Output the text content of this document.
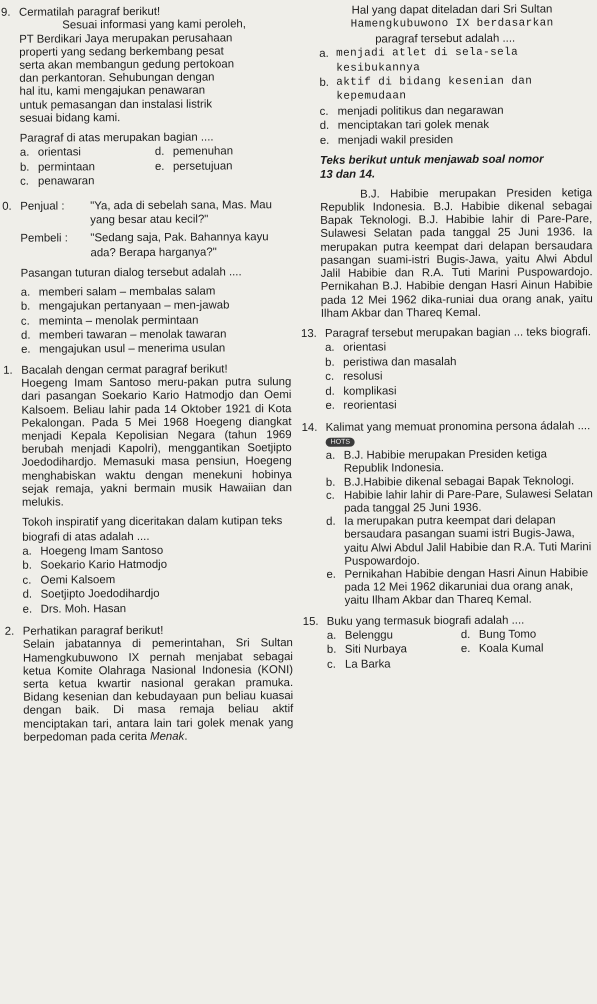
9. Cermatilah paragraf berikut!

Sesuai informasi yang kami peroleh,

PT Berdikari Jaya merupakan perusahaan

properti yang sedang berkembang pesat

serta akan membangun gedung pertokoan

dan perkantoran. Sehubungan dengan

hal itu, kami mengajukan penawaran

untuk pemasangan dan instalasi listrik

sesuai bidang kami.

Paragraf di atas merupakan bagian ....

a. orientasi	d. pemenuhan
b. permintaan	e. persetujuan
c. penawaran
0. Penjual :	"Ya, ada di sebelah sana, Mas. Mau yang besar atau kecil?"
Pembeli :	"Sedang saja, Pak. Bahannya kayu ada? Berapa harganya?"

Pasangan tuturan dialog tersebut adalah ....

a. memberi salam – membalas salam
b. mengajukan pertanyaan – men-jawab
c. meminta – menolak permintaan
d. memberi tawaran – menolak tawaran
e. mengajukan usul – menerima usulan
1. Bacalah dengan cermat paragraf berikut!

Hoegeng Imam Santoso meru-pakan putra sulung dari pasangan Soekario Kario Hatmodjo dan Oemi Kalsoem. Beliau lahir pada 14 Oktober 1921 di Kota Pekalongan. Pada 5 Mei 1968 Hoegeng diangkat menjadi Kepala Kepolisian Negara (tahun 1969 berubah menjadi Kapolri), menggantikan Soetjipto Joedodihardjo. Memasuki masa pensiun, Hoegeng menghabiskan waktu dengan menekuni hobinya sejak remaja, yakni bermain musik Hawaiian dan melukis.

Tokoh inspiratif yang diceritakan dalam kutipan teks biografi di atas adalah ....

a. Hoegeng Imam Santoso
b. Soekario Kario Hatmodjo
c. Oemi Kalsoem
d. Soetjipto Joedodihardjo
e. Drs. Moh. Hasan
2. Perhatikan paragraf berikut!

Selain jabatannya di pemerintahan, Sri Sultan Hamengkubuwono IX pernah menjabat sebagai ketua Komite Olahraga Nasional Indonesia (KONI) serta ketua kwartir nasional gerakan pramuka. Bidang kesenian dan kebudayaan pun beliau kuasai dengan baik. Di masa remaja beliau aktif menciptakan tari, antara lain tari golek menak yang berpedoman pada cerita Menak.

Hal yang dapat diteladan dari Sri Sultan

Hamengkubuwono IX berdasarkan

paragraf tersebut adalah ....

a. menjadi atlet di sela-sela kesibukannya
b. aktif di bidang kesenian dan kepemudaan
c. menjadi politikus dan negarawan
d. menciptakan tari golek menak
e. menjadi wakil presiden

Teks berikut untuk menjawab soal nomor

13 dan 14.

B.J. Habibie merupakan Presiden ketiga Republik Indonesia. B.J. Habibie dikenal sebagai Bapak Teknologi. B.J. Habibie lahir di Pare-Pare, Sulawesi Selatan pada tanggal 25 Juni 1936. Ia merupakan putra keempat dari delapan bersaudara pasangan suami-istri Bugis-Jawa, yaitu Alwi Abdul Jalil Habibie dan R.A. Tuti Marini Puspowardojo. Pernikahan B.J. Habibie dengan Hasri Ainun Habibie pada 12 Mei 1962 dika-runiai dua orang anak, yaitu Ilham Akbar dan Thareq Kemal.

13. Paragraf tersebut merupakan bagian ... teks biografi.
a. orientasi
b. peristiwa dan masalah
c. resolusi
d. komplikasi
e. reorientasi
14. Kalimat yang memuat pronomina persona ádalah .... HOTS
a. B.J. Habibie merupakan Presiden ketiga Republik Indonesia.
b. B.J.Habibie dikenal sebagai Bapak Teknologi.
c. Habibie lahir lahir di Pare-Pare, Sulawesi Selatan pada tanggal 25 Juni 1936.
d. Ia merupakan putra keempat dari delapan bersaudara pasangan suami istri Bugis-Jawa, yaitu Alwi Abdul Jalil Habibie dan R.A. Tuti Marini Puspowardojo.
e. Pernikahan Habibie dengan Hasri Ainun Habibie pada 12 Mei 1962 dikaruniai dua orang anak, yaitu Ilham Akbar dan Thareq Kemal.
15. Buku yang termasuk biografi adalah ....
a. Belenggu	d. Bung Tomo
b. Siti Nurbaya	e. Koala Kumal
c. La Barka
